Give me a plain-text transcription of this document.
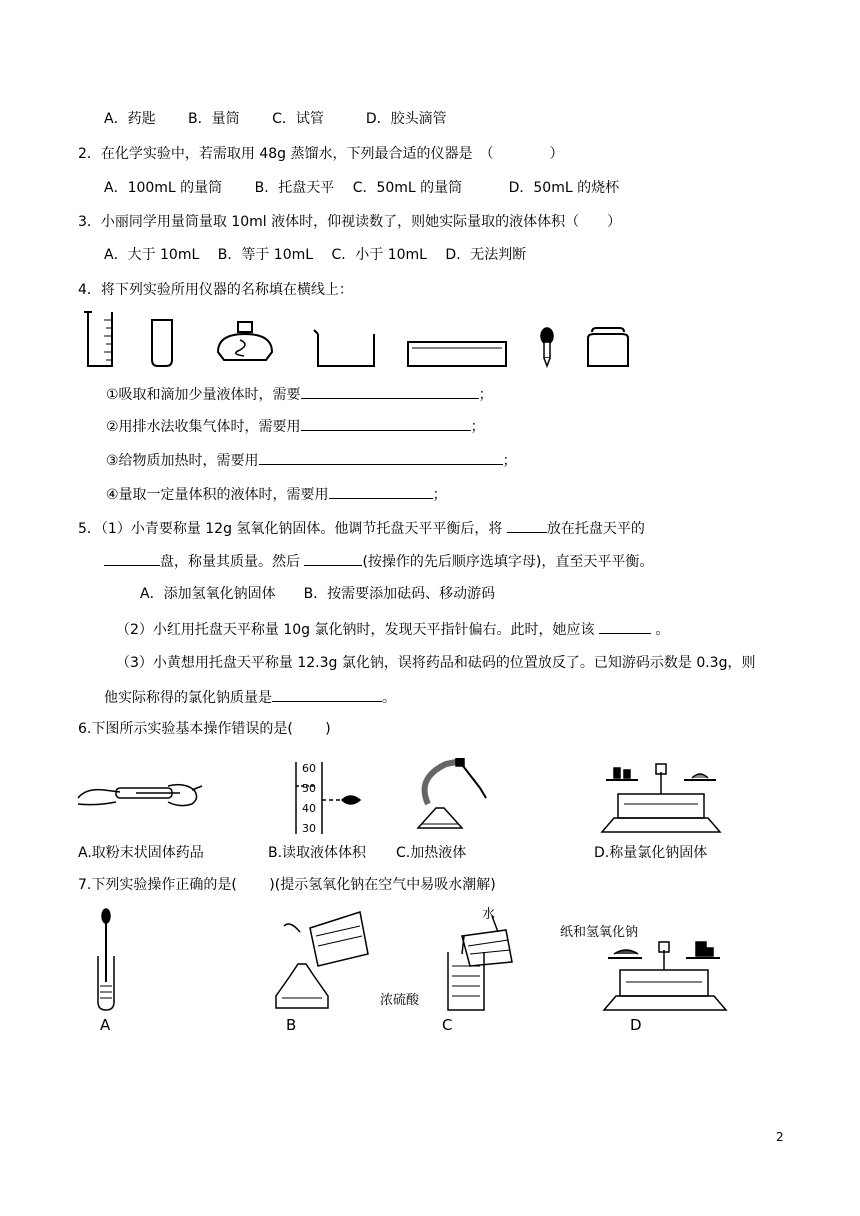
A．药匙　　 B．量筒　　 C．试管　　　D．胶头滴管
2．在化学实验中，若需取用 48g 蒸馏水，下列最合适的仪器是　（　　　　）
A．100mL 的量筒　　 B．托盘天平　 C．50mL 的量筒　　　 D．50mL 的烧杯
3．小丽同学用量筒量取 10ml 液体时，仰视读数了，则她实际量取的液体体积（　　）
A．大于 10mL　 B．等于 10mL　 C．小于 10mL　 D．无法判断
4．将下列实验所用仪器的名称填在横线上：
①吸取和滴加少量液体时，需要	；
②用排水法收集气体时，需要用	；
③给物质加热时，需要用	；
④量取一定量体积的液体时，需要用	；
5．（1）小青要称量 12g 氢氧化钠固体。他调节托盘天平平衡后，将	放在托盘天平的
盘，称量其质量。然后	(按操作的先后顺序选填字母)，直至天平平衡。
A．添加氢氧化钠固体　　B．按需要添加砝码、移动游码
（2）小红用托盘天平称量 10g 氯化钠时，发现天平指针偏右。此时，她应该	。
（3）小黄想用托盘天平称量 12.3g 氯化钠，误将药品和砝码的位置放反了。已知游码示数是 0.3g，则
他实际称得的氯化钠质量是	。
6.下图所示实验基本操作错误的是(　　 )
60
50
40
30
A.取粉末状固体药品	B.读取液体体积 C.加热液体	D.称量氯化钠固体
7.下列实验操作正确的是(　　 )(提示氢氧化钠在空气中易吸水潮解)
A	B
水
浓硫酸
C
纸和氢氧化钠
D
2
